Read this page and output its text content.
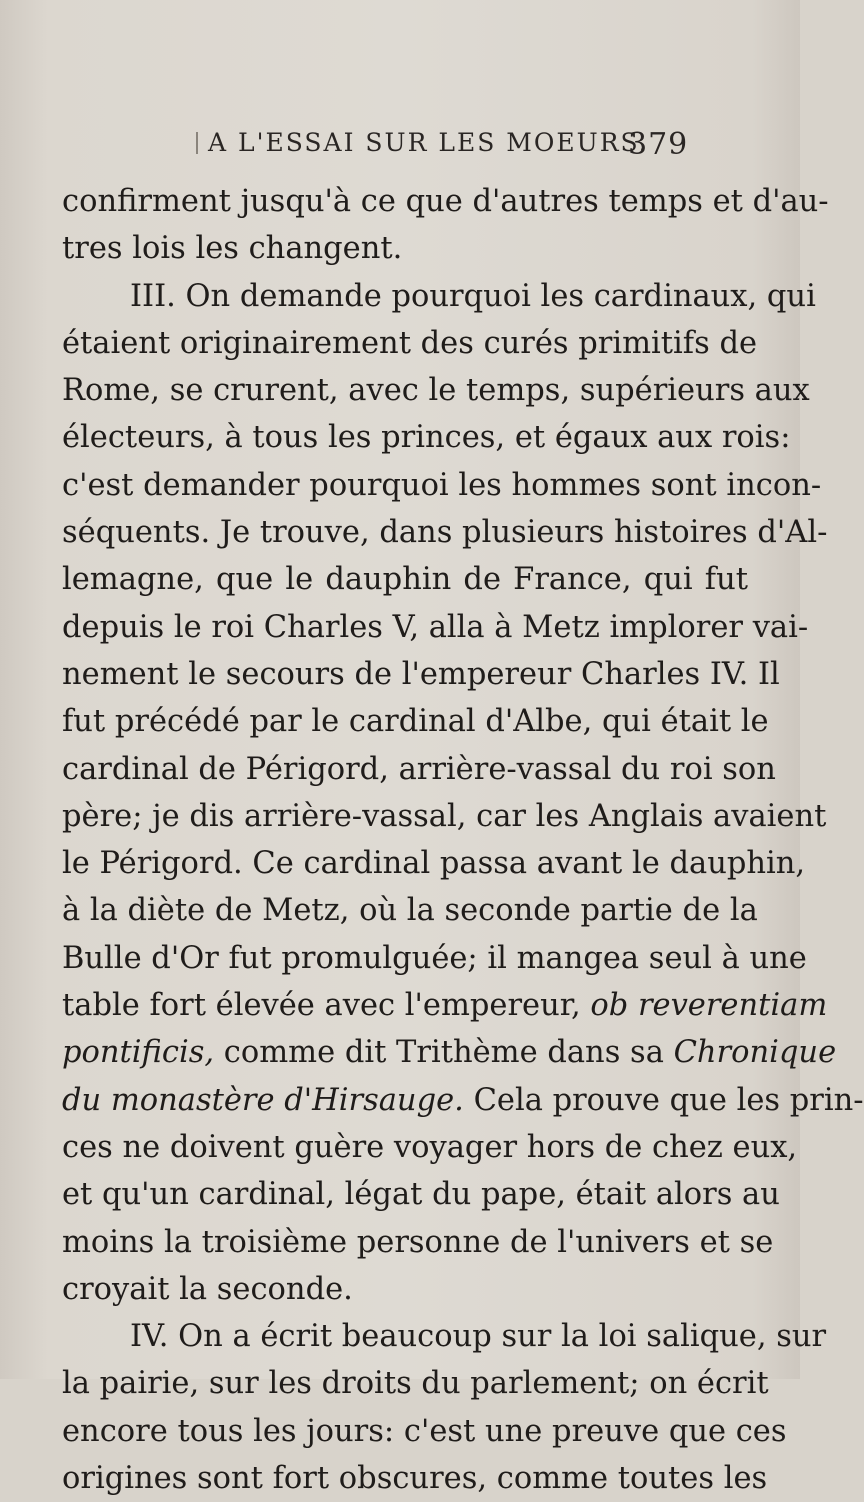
A L'ESSAI SUR LES MOEURS.
379
confirment jusqu'à ce que d'autres temps et d'au-
tres lois les changent.
III. On demande pourquoi les cardinaux, qui
étaient originairement des curés primitifs de
Rome, se crurent, avec le temps, supérieurs aux
électeurs, à tous les princes, et égaux aux rois:
c'est demander pourquoi les hommes sont incon-
séquents. Je trouve, dans plusieurs histoires d'Al-
lemagne, que le dauphin de France, qui fut
depuis le roi Charles V, alla à Metz implorer vai-
nement le secours de l'empereur Charles IV. Il
fut précédé par le cardinal d'Albe, qui était le
cardinal de Périgord, arrière-vassal du roi son
père; je dis arrière-vassal, car les Anglais avaient
le Périgord. Ce cardinal passa avant le dauphin,
à la diète de Metz, où la seconde partie de la
Bulle d'Or fut promulguée; il mangea seul à une
table fort élevée avec l'empereur, ob reverentiam
pontificis, comme dit Trithème dans sa Chronique
du monastère d'Hirsauge. Cela prouve que les prin-
ces ne doivent guère voyager hors de chez eux,
et qu'un cardinal, légat du pape, était alors au
moins la troisième personne de l'univers et se
croyait la seconde.
IV. On a écrit beaucoup sur la loi salique, sur
la pairie, sur les droits du parlement; on écrit
encore tous les jours: c'est une preuve que ces
origines sont fort obscures, comme toutes les
